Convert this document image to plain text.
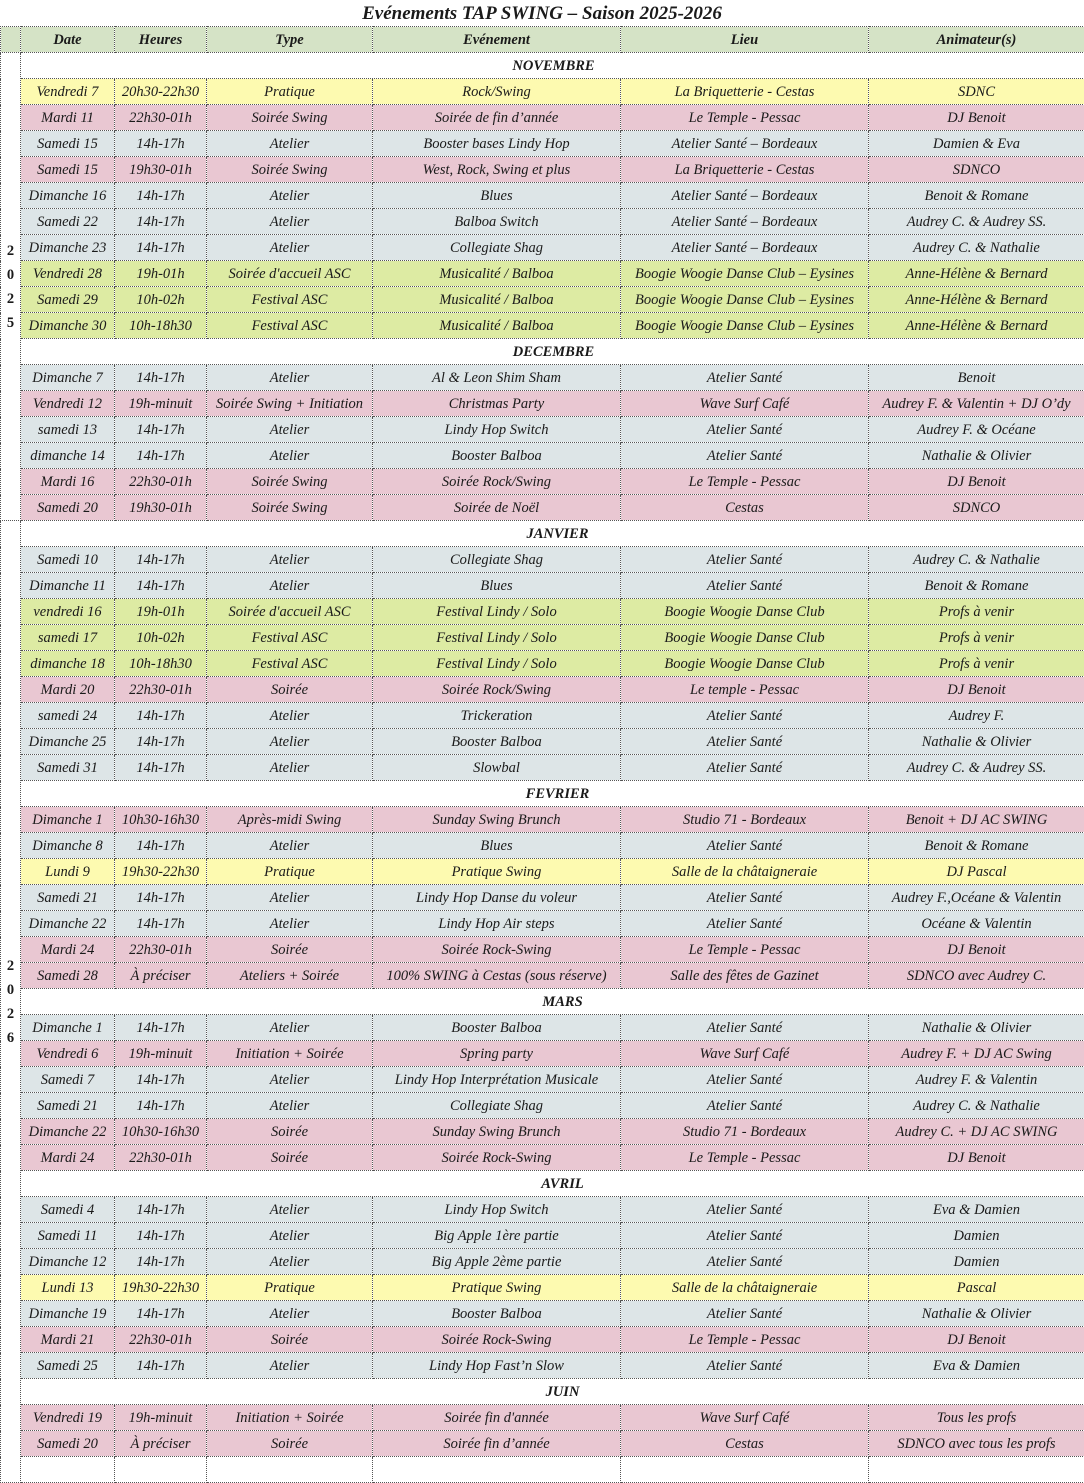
Evénements TAP SWING – Saison 2025-2026
	Date	Heures	Type	Evénement	Lieu	Animateur(s)

2
0
2
5	NOVEMBRE					
	Vendredi 7	20h30-22h30	Pratique	Rock/Swing	La Briquetterie - Cestas	SDNC
	Mardi 11	22h30-01h	Soirée Swing	Soirée de fin d’année	Le Temple - Pessac	DJ Benoit
	Samedi 15	14h-17h	Atelier	Booster bases Lindy Hop	Atelier Santé – Bordeaux	Damien & Eva
	Samedi 15	19h30-01h	Soirée Swing	West, Rock, Swing et plus	La Briquetterie - Cestas	SDNCO
	Dimanche 16	14h-17h	Atelier	Blues	Atelier Santé – Bordeaux	Benoit & Romane
	Samedi 22	14h-17h	Atelier	Balboa Switch	Atelier Santé – Bordeaux	Audrey C. & Audrey SS.
	Dimanche 23	14h-17h	Atelier	Collegiate Shag	Atelier Santé – Bordeaux	Audrey C. & Nathalie
	Vendredi 28	19h-01h	Soirée d'accueil ASC	Musicalité / Balboa	Boogie Woogie Danse Club – Eysines	Anne-Hélène & Bernard
	Samedi 29	10h-02h	Festival ASC	Musicalité / Balboa	Boogie Woogie Danse Club – Eysines	Anne-Hélène & Bernard
	Dimanche 30	10h-18h30	Festival ASC	Musicalité / Balboa	Boogie Woogie Danse Club – Eysines	Anne-Hélène & Bernard
	DECEMBRE					
	Dimanche 7	14h-17h	Atelier	Al & Leon Shim Sham	Atelier Santé	Benoit
	Vendredi 12	19h-minuit	Soirée Swing + Initiation	Christmas Party	Wave Surf Café	Audrey F. & Valentin + DJ O’dy
	samedi 13	14h-17h	Atelier	Lindy Hop Switch	Atelier Santé	Audrey F. & Océane
	dimanche 14	14h-17h	Atelier	Booster Balboa	Atelier Santé	Nathalie & Olivier
	Mardi 16	22h30-01h	Soirée Swing	Soirée Rock/Swing	Le Temple - Pessac	DJ Benoit
	Samedi 20	19h30-01h	Soirée Swing	Soirée de Noël	Cestas	SDNCO

2
0
2
6	JANVIER					
	Samedi 10	14h-17h	Atelier	Collegiate Shag	Atelier Santé	Audrey C. & Nathalie
	Dimanche 11	14h-17h	Atelier	Blues	Atelier Santé	Benoit & Romane
	vendredi 16	19h-01h	Soirée d'accueil ASC	Festival Lindy / Solo	Boogie Woogie Danse Club	Profs à venir
	samedi 17	10h-02h	Festival ASC	Festival Lindy / Solo	Boogie Woogie Danse Club	Profs à venir
	dimanche 18	10h-18h30	Festival ASC	Festival Lindy / Solo	Boogie Woogie Danse Club	Profs à venir
	Mardi 20	22h30-01h	Soirée	Soirée Rock/Swing	Le temple - Pessac	DJ Benoit
	samedi 24	14h-17h	Atelier	Trickeration	Atelier Santé	Audrey F.
	Dimanche 25	14h-17h	Atelier	Booster Balboa	Atelier Santé	Nathalie & Olivier
	Samedi 31	14h-17h	Atelier	Slowbal	Atelier Santé	Audrey C. & Audrey SS.
	FEVRIER					
	Dimanche 1	10h30-16h30	Après-midi Swing	Sunday Swing Brunch	Studio 71 - Bordeaux	Benoit + DJ AC SWING
	Dimanche 8	14h-17h	Atelier	Blues	Atelier Santé	Benoit & Romane
	Lundi 9	19h30-22h30	Pratique	Pratique Swing	Salle de la châtaigneraie	DJ Pascal
	Samedi 21	14h-17h	Atelier	Lindy Hop Danse du voleur	Atelier Santé	Audrey F.,Océane & Valentin
	Dimanche 22	14h-17h	Atelier	Lindy Hop Air steps	Atelier Santé	Océane & Valentin
	Mardi 24	22h30-01h	Soirée	Soirée Rock-Swing	Le Temple - Pessac	DJ Benoit
	Samedi 28	À préciser	Ateliers + Soirée	100% SWING à Cestas (sous réserve)	Salle des fêtes de Gazinet	SDNCO avec Audrey C.
	MARS					
	Dimanche 1	14h-17h	Atelier	Booster Balboa	Atelier Santé	Nathalie & Olivier
	Vendredi 6	19h-minuit	Initiation + Soirée	Spring party	Wave Surf Café	Audrey F. + DJ AC Swing
	Samedi 7	14h-17h	Atelier	Lindy Hop Interprétation Musicale	Atelier Santé	Audrey F. & Valentin
	Samedi 21	14h-17h	Atelier	Collegiate Shag	Atelier Santé	Audrey C. & Nathalie
	Dimanche 22	10h30-16h30	Soirée	Sunday Swing Brunch	Studio 71 - Bordeaux	Audrey C. + DJ AC SWING
	Mardi 24	22h30-01h	Soirée	Soirée Rock-Swing	Le Temple - Pessac	DJ Benoit
	AVRIL					
	Samedi 4	14h-17h	Atelier	Lindy Hop Switch	Atelier Santé	Eva & Damien
	Samedi 11	14h-17h	Atelier	Big Apple 1ère partie	Atelier Santé	Damien
	Dimanche 12	14h-17h	Atelier	Big Apple 2ème partie	Atelier Santé	Damien
	Lundi 13	19h30-22h30	Pratique	Pratique Swing	Salle de la châtaigneraie	Pascal
	Dimanche 19	14h-17h	Atelier	Booster Balboa	Atelier Santé	Nathalie & Olivier
	Mardi 21	22h30-01h	Soirée	Soirée Rock-Swing	Le Temple - Pessac	DJ Benoit
	Samedi 25	14h-17h	Atelier	Lindy Hop Fast’n Slow	Atelier Santé	Eva & Damien
	JUIN					
	Vendredi 19	19h-minuit	Initiation + Soirée	Soirée fin d'année	Wave Surf Café	Tous les profs
	Samedi 20	À préciser	Soirée	Soirée fin d’année	Cestas	SDNCO avec tous les profs
